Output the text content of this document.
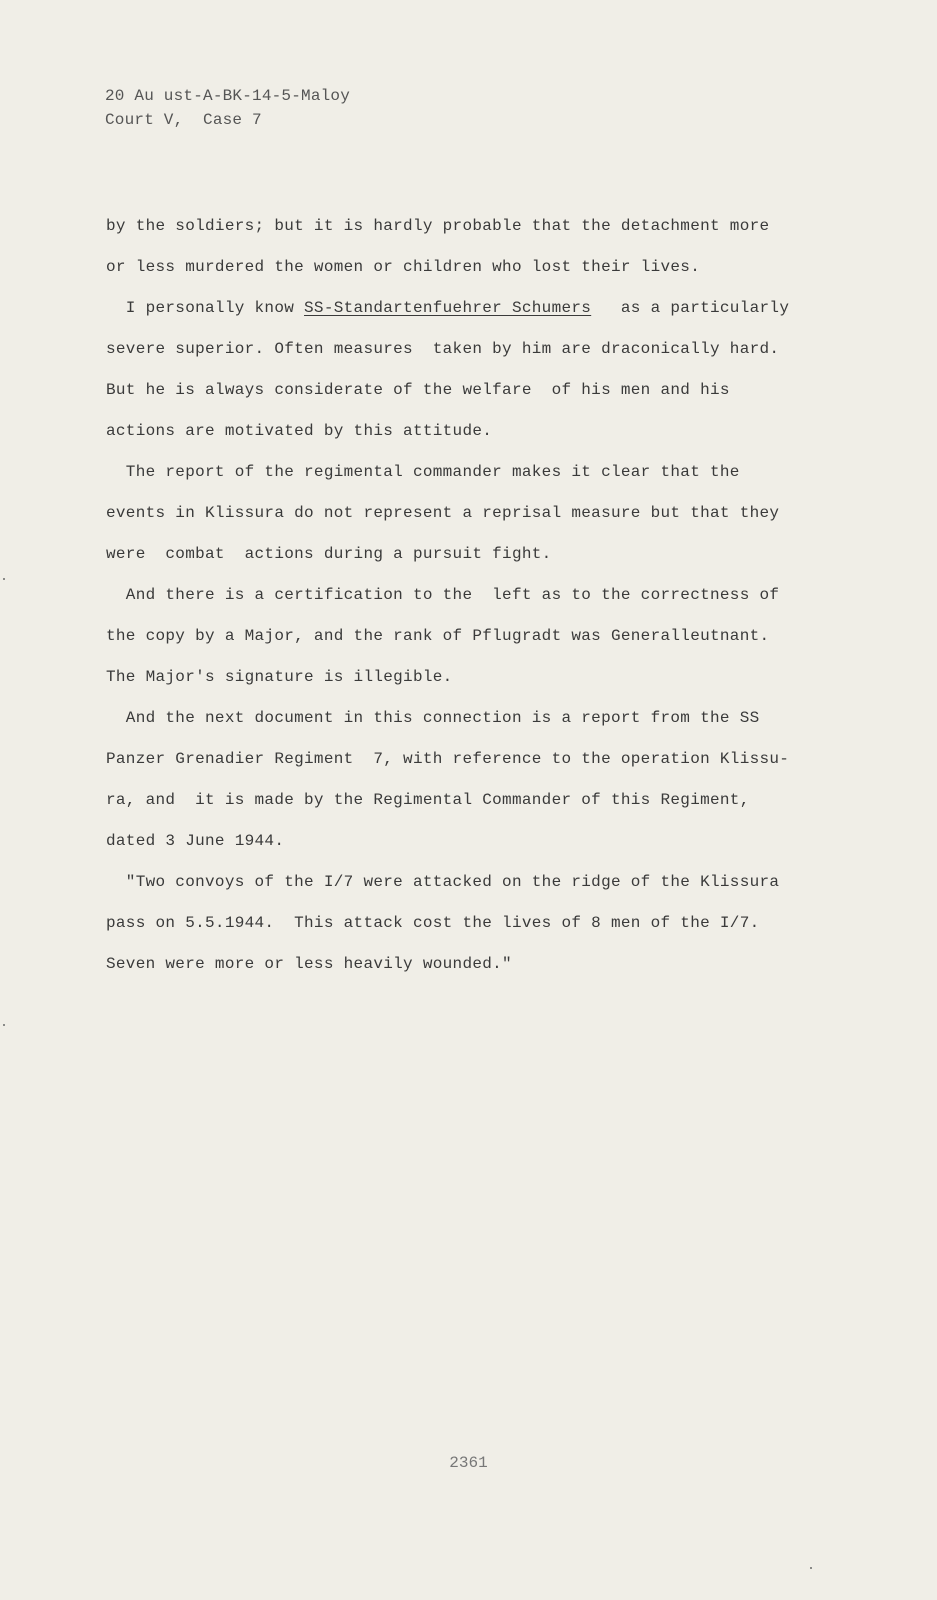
20 Au ust-A-BK-14-5-Maloy
Court V,  Case 7
by the soldiers; but it is hardly probable that the detachment more
or less murdered the women or children who lost their lives.
I personally know SS-Standartenfuehrer Schumers   as a particularly
severe superior. Often measures  taken by him are draconically hard.
But he is always considerate of the welfare  of his men and his
actions are motivated by this attitude.
The report of the regimental commander makes it clear that the
events in Klissura do not represent a reprisal measure but that they
were  combat  actions during a pursuit fight.
And there is a certification to the  left as to the correctness of
the copy by a Major, and the rank of Pflugradt was Generalleutnant.
The Major's signature is illegible.
And the next document in this connection is a report from the SS
Panzer Grenadier Regiment  7, with reference to the operation Klissu-
ra, and  it is made by the Regimental Commander of this Regiment,
dated 3 June 1944.
"Two convoys of the I/7 were attacked on the ridge of the Klissura
pass on 5.5.1944.  This attack cost the lives of 8 men of the I/7.
Seven were more or less heavily wounded."
2361
